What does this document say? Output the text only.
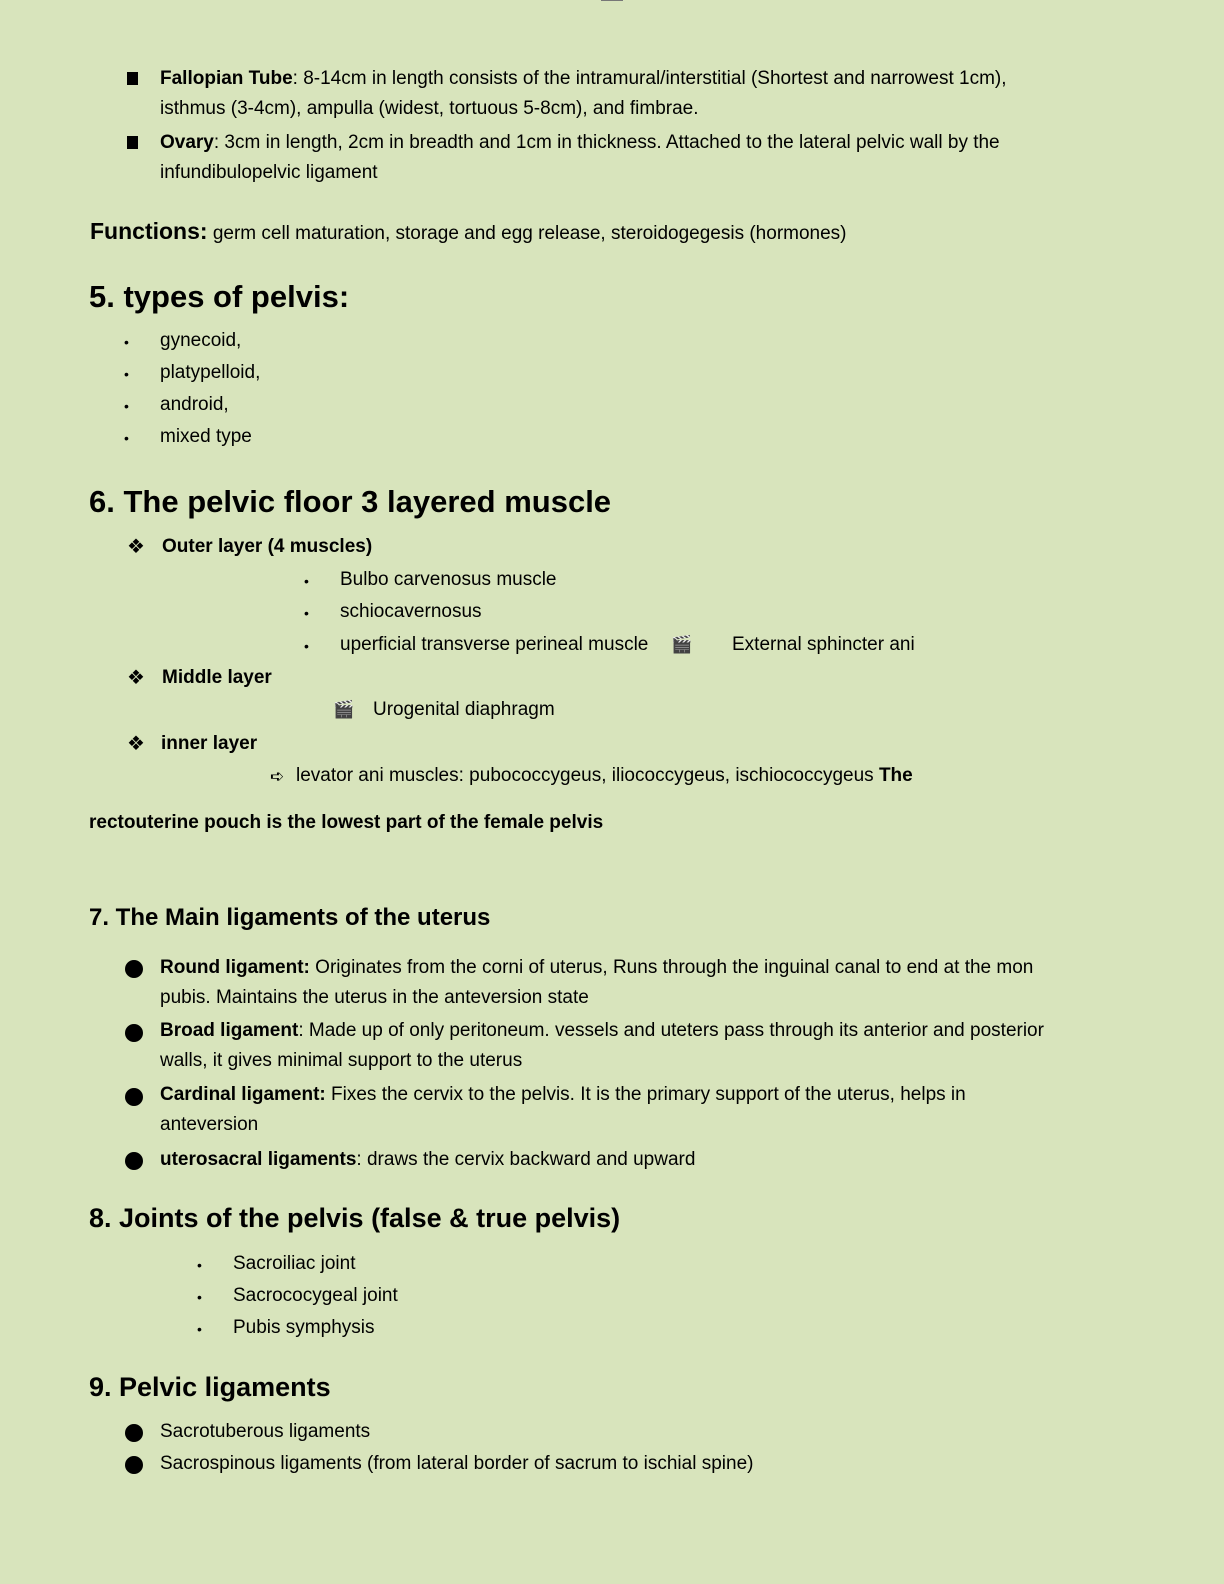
Fallopian Tube: 8-14cm in length consists of the intramural/interstitial (Shortest and narrowest 1cm),
isthmus (3-4cm), ampulla (widest, tortuous 5-8cm), and fimbrae.
Ovary: 3cm in length, 2cm in breadth and 1cm in thickness. Attached to the lateral pelvic wall by the
infundibulopelvic ligament
Functions: germ cell maturation, storage and egg release, steroidogegesis (hormones)
5. types of pelvis:
• gynecoid,
• platypelloid,
• android,
• mixed type
6. The pelvic floor 3 layered muscle
❖ Outer layer (4 muscles)
• Bulbo carvenosus muscle
• schiocavernosus
• uperficial transverse perineal muscle 🎬 External sphincter ani
❖ Middle layer
🎬 Urogenital diaphragm
❖ inner layer
➪ levator ani muscles: pubococcygeus, iliococcygeus, ischiococcygeus The
rectouterine pouch is the lowest part of the female pelvis
7. The Main ligaments of the uterus
Round ligament: Originates from the corni of uterus, Runs through the inguinal canal to end at the mon
pubis. Maintains the uterus in the anteversion state
Broad ligament: Made up of only peritoneum. vessels and uteters pass through its anterior and posterior
walls, it gives minimal support to the uterus
Cardinal ligament: Fixes the cervix to the pelvis. It is the primary support of the uterus, helps in
anteversion
uterosacral ligaments: draws the cervix backward and upward
8. Joints of the pelvis (false & true pelvis)
• Sacroiliac joint
• Sacrococygeal joint
• Pubis symphysis
9. Pelvic ligaments
Sacrotuberous ligaments
Sacrospinous ligaments (from lateral border of sacrum to ischial spine)
